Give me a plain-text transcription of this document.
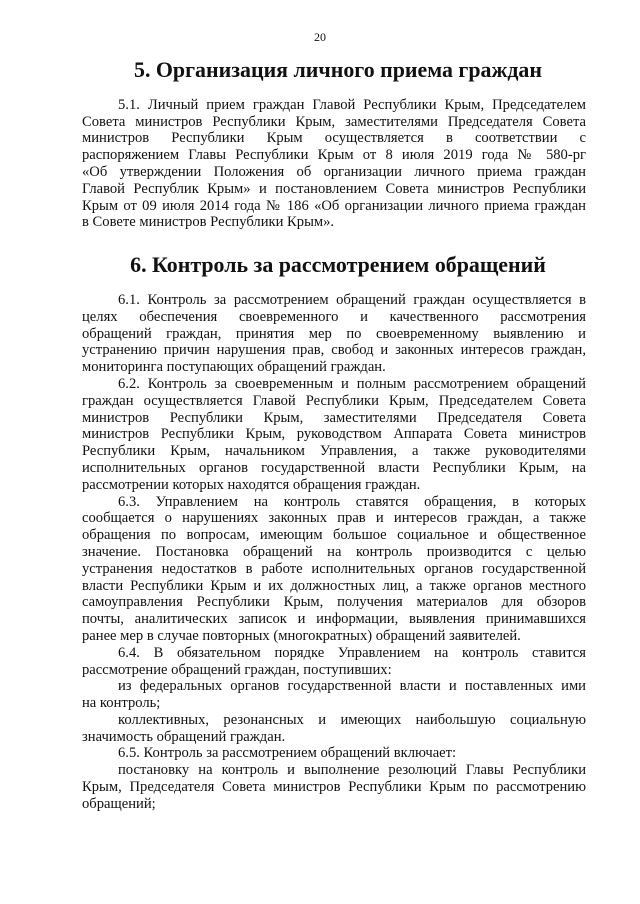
20
5. Организация личного приема граждан
5.1. Личный прием граждан Главой Республики Крым, Председателем
Совета министров Республики Крым, заместителями Председателя Совета
министров Республики Крым осуществляется в соответствии с
распоряжением Главы Республики Крым от 8 июля 2019 года № 580-рг
«Об утверждении Положения об организации личного приема граждан
Главой Республик Крым» и постановлением Совета министров Республики
Крым от 09 июля 2014 года № 186 «Об организации личного приема граждан
в Совете министров Республики Крым».
6. Контроль за рассмотрением обращений
6.1. Контроль за рассмотрением обращений граждан осуществляется в
целях обеспечения своевременного и качественного рассмотрения
обращений граждан, принятия мер по своевременному выявлению и
устранению причин нарушения прав, свобод и законных интересов граждан,
мониторинга поступающих обращений граждан.
6.2. Контроль за своевременным и полным рассмотрением обращений
граждан осуществляется Главой Республики Крым, Председателем Совета
министров Республики Крым, заместителями Председателя Совета
министров Республики Крым, руководством Аппарата Совета министров
Республики Крым, начальником Управления, а также руководителями
исполнительных органов государственной власти Республики Крым, на
рассмотрении которых находятся обращения граждан.
6.3. Управлением на контроль ставятся обращения, в которых
сообщается о нарушениях законных прав и интересов граждан, а также
обращения по вопросам, имеющим большое социальное и общественное
значение. Постановка обращений на контроль производится с целью
устранения недостатков в работе исполнительных органов государственной
власти Республики Крым и их должностных лиц, а также органов местного
самоуправления Республики Крым, получения материалов для обзоров
почты, аналитических записок и информации, выявления принимавшихся
ранее мер в случае повторных (многократных) обращений заявителей.
6.4. В обязательном порядке Управлением на контроль ставится
рассмотрение обращений граждан, поступивших:
из федеральных органов государственной власти и поставленных ими
на контроль;
коллективных, резонансных и имеющих наибольшую социальную
значимость обращений граждан.
6.5. Контроль за рассмотрением обращений включает:
постановку на контроль и выполнение резолюций Главы Республики
Крым, Председателя Совета министров Республики Крым по рассмотрению
обращений;
